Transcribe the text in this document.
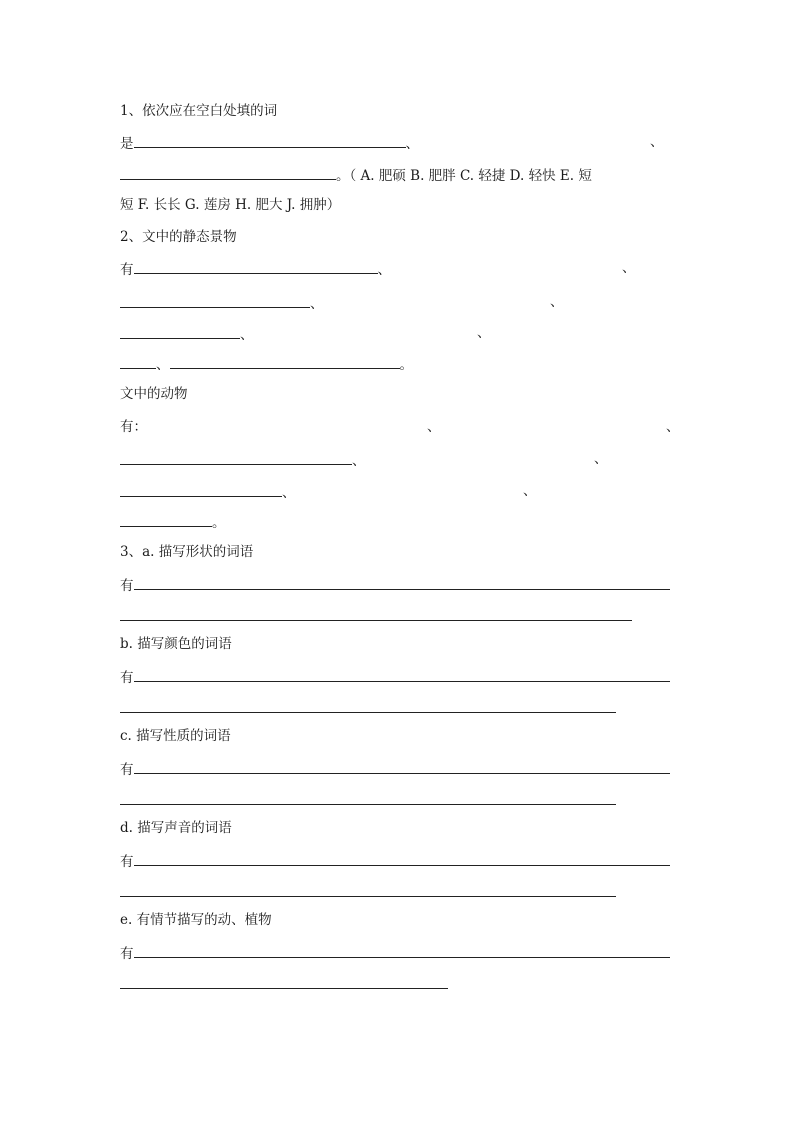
1、依次应在空白处填的词
是	、	、
。（ A. 肥硕 B. 肥胖 C. 轻捷 D. 轻快 E. 短
短 F. 长长 G. 莲房 H. 肥大 J. 拥肿）
2、文中的静态景物
有	、	、
、	、
、	、
、	。
文中的动物
有：	、	、
、	、
、	、
。
3、a. 描写形状的词语
有
b. 描写颜色的词语
有
c. 描写性质的词语
有
d. 描写声音的词语
有
e. 有情节描写的动、植物
有
